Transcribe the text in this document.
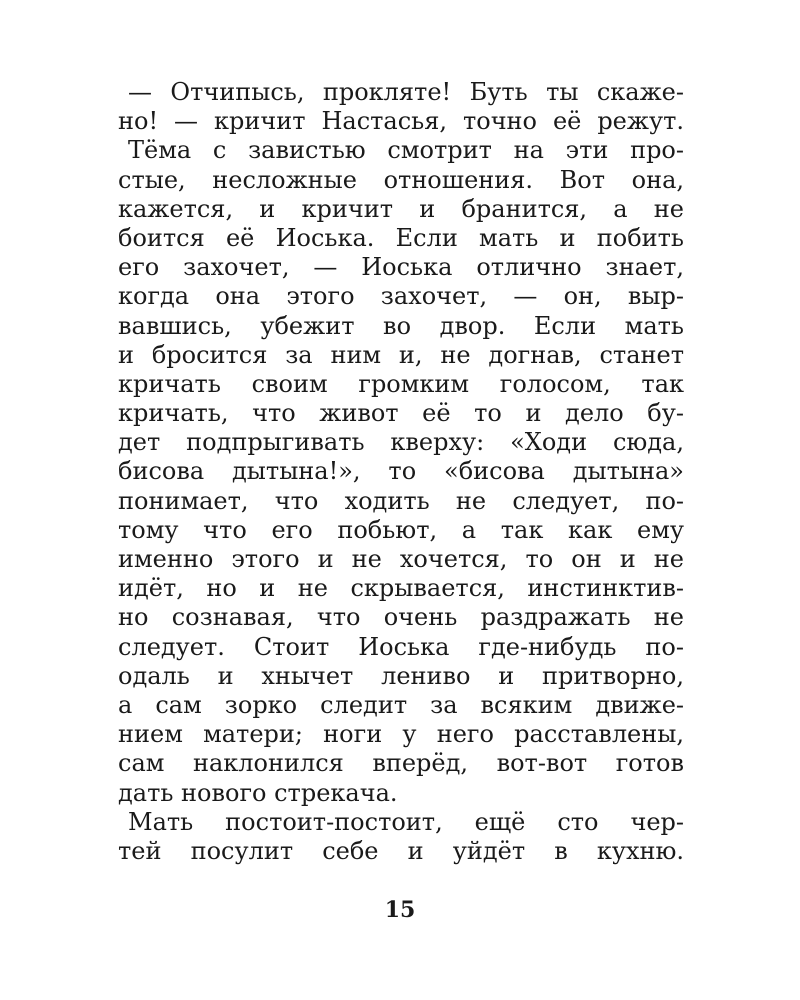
— Отчипысь, проклятe! Буть ты скаже-
но! — кричит Настасья, точно её режут.
Тёма с завистью смотрит на эти про-
стые, несложные отношения. Вот она,
кажется, и кричит и бранится, а не
боится её Иоська. Если мать и побить
его захочет, — Иоська отлично знает,
когда она этого захочет, — он, выр-
вавшись, убежит во двор. Если мать
и бросится за ним и, не догнав, станет
кричать своим громким голосом, так
кричать, что живот её то и дело бу-
дет подпрыгивать кверху: «Ходи сюда,
бисова дытына!», то «бисова дытына»
понимает, что ходить не следует, по-
тому что его побьют, а так как ему
именно этого и не хочется, то он и не
идёт, но и не скрывается, инстинктив-
но сознавая, что очень раздражать не
следует. Стоит Иоська где-нибудь по-
одаль и хнычет лениво и притворно,
а сам зорко следит за всяким движе-
нием матери; ноги у него расставлены,
сам наклонился вперёд, вот-вот готов
дать нового стрекача.
Мать постоит-постоит, ещё сто чер-
тей посулит себе и уйдёт в кухню.
15
